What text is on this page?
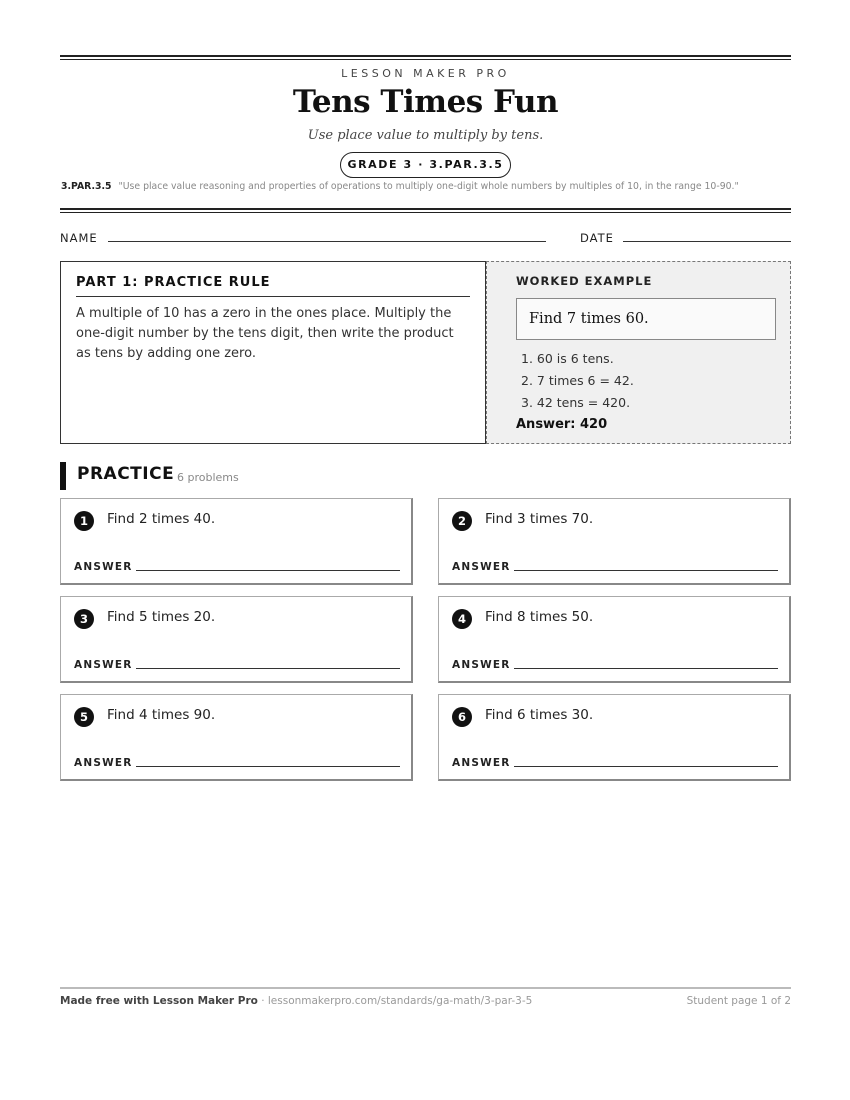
LESSON MAKER PRO
Tens Times Fun
Use place value to multiply by tens.
GRADE 3 · 3.PAR.3.5
3.PAR.3.5 "Use place value reasoning and properties of operations to multiply one-digit whole numbers by multiples of 10, in the range 10-90."
NAME	DATE
PART 1: PRACTICE RULE
A multiple of 10 has a zero in the ones place. Multiply the one-digit number by the tens digit, then write the product as tens by adding one zero.
WORKED EXAMPLE
Find 7 times 60.
1. 60 is 6 tens.
2. 7 times 6 = 42.
3. 42 tens = 420.
Answer: 420
PRACTICE 6 problems
1	Find 2 times 40.
ANSWER
2	Find 3 times 70.
ANSWER
3	Find 5 times 20.
ANSWER
4	Find 8 times 50.
ANSWER
5	Find 4 times 90.
ANSWER
6	Find 6 times 30.
ANSWER
Made free with Lesson Maker Pro · lessonmakerpro.com/standards/ga-math/3-par-3-5	Student page 1 of 2
